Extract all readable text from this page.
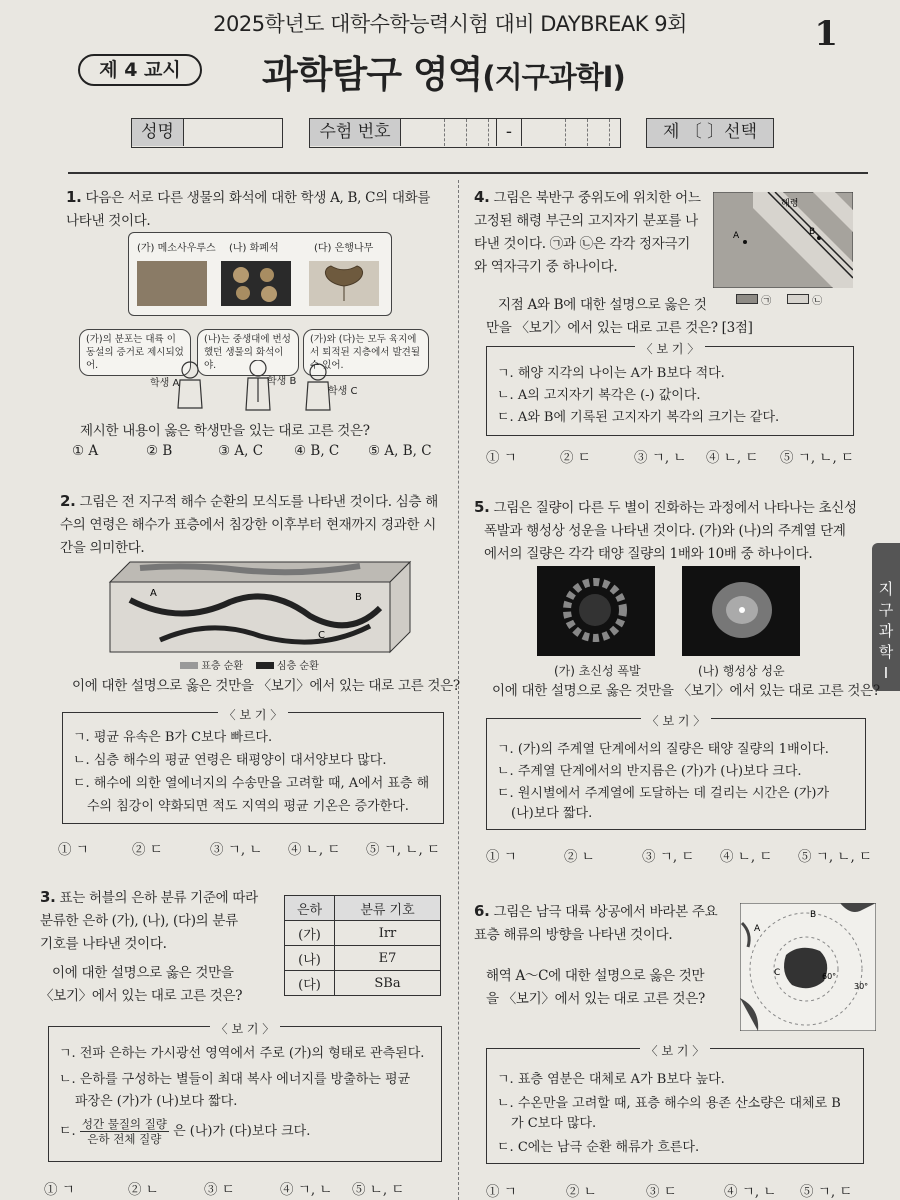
2025학년도 대학수학능력시험 대비 DAYBREAK 9회	1
제 4 교시	과학탐구 영역(지구과학Ⅰ)
성명	수험 번호	-	제 〔 〕선택
지
구
과
학
Ⅰ
1. 다음은 서로 다른 생물의 화석에 대한 학생 A, B, C의 대화를
나타낸 것이다.
(가) 메소사우루스 (나) 화폐석	(다) 은행나무
(가)의 분포는 대륙 이동설의 증거로 제시되었어.
(나)는 중생대에 번성했던 생물의 화석이야.
(가)와 (다)는 모두 육지에서 퇴적된 지층에서 발견될 수 있어.
학생 A	학생 B
학생 C
제시한 내용이 옳은 학생만을 있는 대로 고른 것은?
① A	② B	③ A, C	④ B, C	⑤ A, B, C
2. 그림은 전 지구적 해수 순환의 모식도를 나타낸 것이다. 심층 해
수의 연령은 해수가 표층에서 침강한 이후부터 현재까지 경과한 시
간을 의미한다.
A	B
C
표층 순환	심층 순환
이에 대한 설명으로 옳은 것만을 〈보기〉에서 있는 대로 고른 것은?
〈 보 기 〉
ㄱ. 평균 유속은 B가 C보다 빠르다.
ㄴ. 심층 해수의 평균 연령은 태평양이 대서양보다 많다.
ㄷ. 해수에 의한 열에너지의 수송만을 고려할 때, A에서 표층 해
수의 침강이 약화되면 적도 지역의 평균 기온은 증가한다.
① ㄱ	② ㄷ	③ ㄱ, ㄴ	④ ㄴ, ㄷ	⑤ ㄱ, ㄴ, ㄷ
3. 표는 허블의 은하 분류 기준에 따라
분류한 은하 (가), (나), (다)의 분류
기호를 나타낸 것이다.
이에 대한 설명으로 옳은 것만을
〈보기〉에서 있는 대로 고른 것은?
은하	분류 기호
(가)	Irr
(나)	E7
(다)	SBa
〈 보 기 〉
ㄱ. 전파 은하는 가시광선 영역에서 주로 (가)의 형태로 관측된다.
ㄴ. 은하를 구성하는 별들이 최대 복사 에너지를 방출하는 평균
파장은 (가)가 (나)보다 짧다.
ㄷ. $\frac{\text{성간 물질의 질량}}{\text{은하 전체 질량}}$ 은 (나)가 (다)보다 크다.
① ㄱ	② ㄴ	③ ㄷ	④ ㄱ, ㄴ	⑤ ㄴ, ㄷ
4. 그림은 북반구 중위도에 위치한 어느
고정된 해령 부근의 고지자기 분포를 나
타낸 것이다. ㉠과 ㉡은 각각 정자극기
와 역자극기 중 하나이다.
해령
A	B
㉠	㉡
지점 A와 B에 대한 설명으로 옳은 것
만을 〈보기〉에서 있는 대로 고른 것은? [3점]
〈 보 기 〉
ㄱ. 해양 지각의 나이는 A가 B보다 적다.
ㄴ. A의 고지자기 복각은 (-) 값이다.
ㄷ. A와 B에 기록된 고지자기 복각의 크기는 같다.
① ㄱ	② ㄷ	③ ㄱ, ㄴ	④ ㄴ, ㄷ	⑤ ㄱ, ㄴ, ㄷ
5. 그림은 질량이 다른 두 별이 진화하는 과정에서 나타나는 초신성
폭발과 행성상 성운을 나타낸 것이다. (가)와 (나)의 주계열 단계
에서의 질량은 각각 태양 질량의 1배와 10배 중 하나이다.
(가) 초신성 폭발	(나) 행성상 성운
이에 대한 설명으로 옳은 것만을 〈보기〉에서 있는 대로 고른 것은?
〈 보 기 〉
ㄱ. (가)의 주계열 단계에서의 질량은 태양 질량의 1배이다.
ㄴ. 주계열 단계에서의 반지름은 (가)가 (나)보다 크다.
ㄷ. 원시별에서 주계열에 도달하는 데 걸리는 시간은 (가)가
(나)보다 짧다.
① ㄱ	② ㄴ	③ ㄱ, ㄷ	④ ㄴ, ㄷ	⑤ ㄱ, ㄴ, ㄷ
6. 그림은 남극 대륙 상공에서 바라본 주요
표층 해류의 방향을 나타낸 것이다.
해역 A～C에 대한 설명으로 옳은 것만
을 〈보기〉에서 있는 대로 고른 것은?
A
B
C	60°
30°
〈 보 기 〉
ㄱ. 표층 염분은 대체로 A가 B보다 높다.
ㄴ. 수온만을 고려할 때, 표층 해수의 용존 산소량은 대체로 B
가 C보다 많다.
ㄷ. C에는 남극 순환 해류가 흐른다.
① ㄱ	② ㄴ	③ ㄷ	④ ㄱ, ㄴ	⑤ ㄱ, ㄷ
